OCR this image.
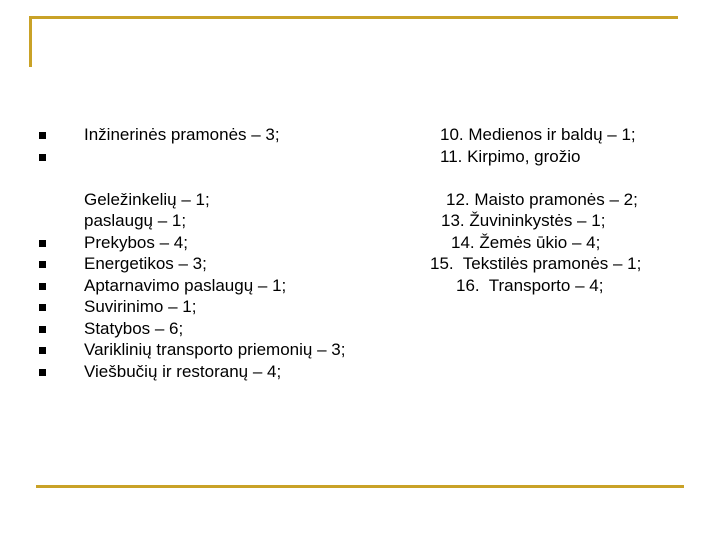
Inžinerinės pramonės – 3;

Geležinkelių – 1;
paslaugų – 1;

Prekybos – 4;
Energetikos – 3;
Aptarnavimo paslaugų – 1;
Suvirinimo – 1;
Statybos – 6;
Variklinių transporto priemonių – 3;
Viešbučių ir restoranų – 4;
10. Medienos ir baldų – 1;
11. Kirpimo, grožio
12. Maisto pramonės – 2;
13. Žuvininkystės – 1;
14. Žemės ūkio – 4;
15.  Tekstilės pramonės – 1;
16.  Transporto – 4;
